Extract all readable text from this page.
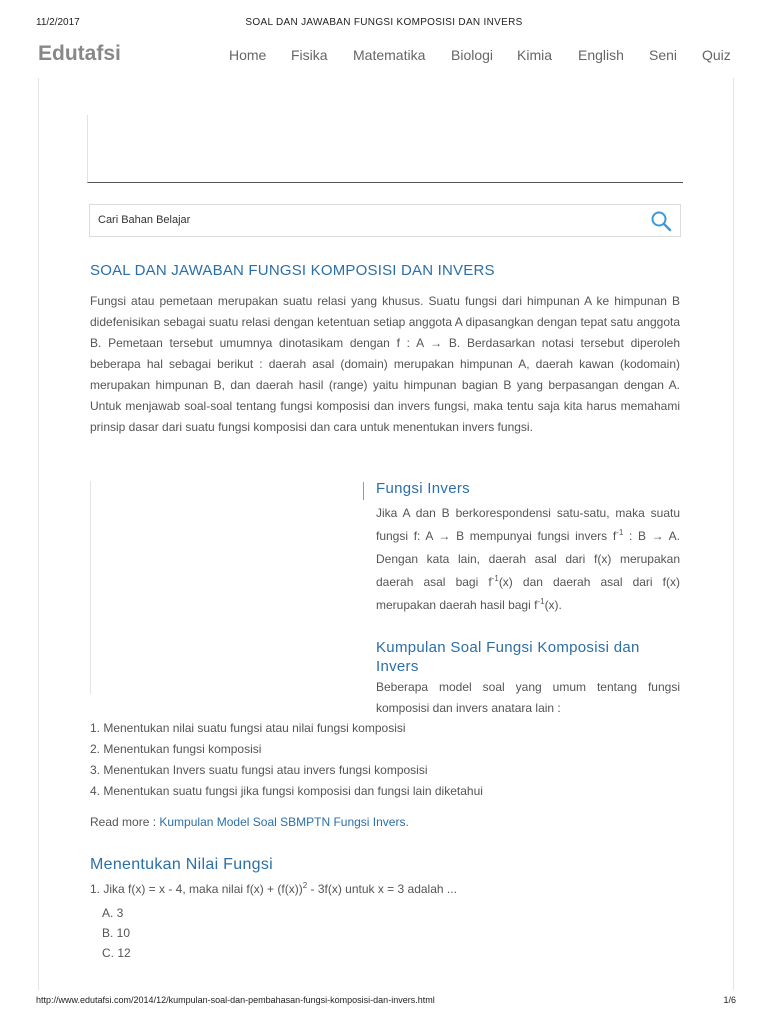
11/2/2017	SOAL DAN JAWABAN FUNGSI KOMPOSISI DAN INVERS
Edutafsi	Home Fisika Matematika Biologi Kimia English Seni Quiz
Cari Bahan Belajar
SOAL DAN JAWABAN FUNGSI KOMPOSISI DAN INVERS

Fungsi atau pemetaan merupakan suatu relasi yang khusus. Suatu fungsi dari himpunan A ke himpunan B didefenisikan sebagai suatu relasi dengan ketentuan setiap anggota A dipasangkan dengan tepat satu anggota B. Pemetaan tersebut umumnya dinotasikam dengan f : A → B. Berdasarkan notasi tersebut diperoleh beberapa hal sebagai berikut : daerah asal (domain) merupakan himpunan A, daerah kawan (kodomain) merupakan himpunan B, dan daerah hasil (range) yaitu himpunan bagian B yang berpasangan dengan A. Untuk menjawab soal-soal tentang fungsi komposisi dan invers fungsi, maka tentu saja kita harus memahami prinsip dasar dari suatu fungsi komposisi dan cara untuk menentukan invers fungsi.

Fungsi Invers

Jika A dan B berkorespondensi satu-satu, maka suatu fungsi f: A → B mempunyai fungsi invers $f^{-1}$ : B → A. Dengan kata lain, daerah asal dari f(x) merupakan daerah asal bagi $f^{-1}(x)$ dan daerah asal dari f(x) merupakan daerah hasil bagi $f^{-1}(x)$.

Kumpulan Soal Fungsi Komposisi dan Invers

Beberapa model soal yang umum tentang fungsi komposisi dan invers anatara lain :

1. Menentukan nilai suatu fungsi atau nilai fungsi komposisi
2. Menentukan fungsi komposisi
3. Menentukan Invers suatu fungsi atau invers fungsi komposisi
4. Menentukan suatu fungsi jika fungsi komposisi dan fungsi lain diketahui
Read more : Kumpulan Model Soal SBMPTN Fungsi Invers.
Menentukan Nilai Fungsi
1. Jika f(x) = x - 4, maka nilai $f(x) + (f(x))^2 - 3f(x)$ untuk x = 3 adalah ...
A. 3
B. 10
C. 12
http://www.edutafsi.com/2014/12/kumpulan-soal-dan-pembahasan-fungsi-komposisi-dan-invers.html	1/6
